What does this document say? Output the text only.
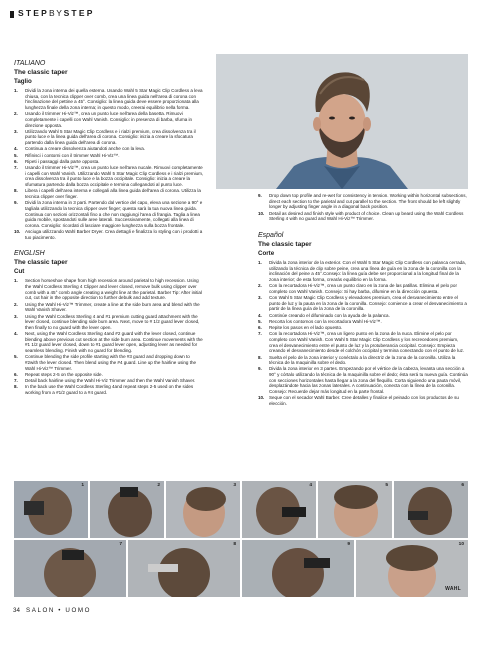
STEPBYSTEP
ITALIANO
The classic taper
Taglio
1. Dividi la zona interna dei quella esterna. Usando Wahl 5 Star Magic Clip Cordless a leva chiusa, con la tecnica clipper over comb, crea una linea guida nell'area di corona con l'inclinazione del pettine a 45°. Consiglio: la linea guida deve essere proporzionata alla lunghezza finale della zona interna; in questo modo, creerai equilibrio nella forma.
2. Usando il trimmer Hi-Viz™, crea un punto luce nell'area della basetta. Rimuovi completamente i capelli con Wahl Vanish. Consiglio: in presenza di barba, sfuma in direzione opposta.
3. Utilizzando Wahl 5 Star Magic Clip Cordless e i rialzi premium, crea dissolvenza tra il punto luce e la linea guida dell'area di corona. Consiglio: inizia a creare la sfocatura partendo dalla linea guida dell'area di corona.
4. Continua a creare dissolvenza aiutandoti anche con la leva.
5. Rifinisci i contorni con il trimmer Wahl Hi-Viz™.
6. Ripeti i passaggi dalla parte opposta.
7. Usando il trimmer Hi-Viz™, crea un punto luce nell'area nucale. Rimuovi completamente i capelli con Wahl Vanish. Utilizzando Wahl 5 Star Magic Clip Cordless e i rialzi premium, crea dissolvenza tra il punto luce e la bozza occipitale. Consiglio: inizia a creare la sfumatura partendo dalla bozza occipitale e termina collegandoti al punto luce.
8. Libera i capelli dell'area interna e collegali alla linea guida dell'area di corona. Utilizza la tecnica clipper over finger.
9. Dividi la zona interna in 3 parti. Partendo dal vertice del capo, eleva una sezione a 90° e tagliala utilizzando la tecnica clipper over finger; questa sarà la tua nuova linea guida. Continua con sezioni orizzontali fino a che non raggiungi l'area di frangia. Taglia a linea guida mobile, spostandoti sulle aree laterali. Successivamente, collegati alla linea di corona. Consiglio: ricordati di lasciare maggiore lunghezza sulla bozza frontale.
10. Asciuga utilizzando Wahl Barber Dryer. Crea dettagli e finalizza lo styling con i prodotti a tuo piacimento.
ENGLISH
The classic taper
Cut
1. Section horseshoe shape from high recession around parietal to high recession. Using the Wahl Cordless Sterling 4 Clipper and lever closed, remove bulk using clipper over comb with a 45° comb angle creating a weight line at the parietal. Barber Tip: After initial cut, cut hair in the opposite direction to further debulk and add texture.
2. Using the Wahl Hi-Viz™ Trimmer, create a line at the side burn area and blend with the Wahl Vanish Shaver.
3. Using the Wahl Cordless Sterling 4 and #1 premium cutting guard attachment with the lever closed, continue blending side burn area. Next, move to # 1/2 guard lever closed, then finally to no guard with the lever open.
4. Next, using the Wahl Cordless Sterling 4and #2 guard with the lever closed, continue blending above previous cut section at the side burn area. Continue movements with the #1 1/2 guard lever closed, down to #1 guard lever open, adjusting lever as needed for seamless blending. Finish with no guard for blending.
5. Continue blending the side profile starting with the #3 guard and dropping down to #2with the lever closed. Then blend using the #4 guard. Line up the hairline using the Wahl Hi-Viz™ Trimmer.
6. Repeat steps 2-5 on the opposite side.
7. Detail back hairline using the Wahl Hi-Viz Trimmer and then the Wahl Vanish Shaver.
8. In the back use the Wahl Cordless Sterling 4and repeat steps 2-5 used on the sides working from a #1/2 guard to a #4 guard.
9. Drop down top profile and re-wet for consistency in tension. Working within horizontal subsections, direct each section to the parietal and cut parallel to the section. The front should be left slightly longer by adjusting finger angle in a diagonal back position.
10. Detail as desired and finish style with product of choice. Clean up beard using the Wahl Cordless Sterling 4 with no guard and Wahl Hi-Viz™ Trimmer.
Español
The classic taper
Corte
1. Divida la zona interior de la exterior. Con el Wahl 5 Star Magic Clip Cordless con palanca cerrada, utilizando la técnica de clip sobre peine, crea una línea de guía en la zona de la coronilla con la inclinación del peine a 45°.Consejo: la línea guía debe ser proporcional a la longitud final de la zona interior; de esta forma, crearás equilibrio en la forma.
2. Con la recortadora Hi-Viz™, crea un punto claro en la zona de las patillas. Elimina el pelo por completo con Wahl Vanish. Consejo: Si hay barba, difumine en la dirección opuesta.
3. Con Wahl 5 Star Magic Clip Cordless y elevadores premium, crea el desvanecimiento entre el punto de luz y la pauta en la zona de la coronilla. Consejo: comience a crear el desvanecimiento a partir de la línea guía de la zona de la coronilla.
4. Continúe creando el difuminado con la ayuda de la palanca.
5. Recorta los contornos con la recortadora Wahl Hi-Viz™.
6. Repite los pasos en el lado opuesto.
7. Con la recortadora Hi-Viz™, crea un ligero punto en la zona de la nuca. Elimine el pelo por completo con Wahl Vanish. Con Wahl 5 Star Magic Clip Cordless y los recrecedores premium, crea el desvanecimiento entre el punto de luz y la protuberancia occipital. Consejo: Empieza creando el desvanecimiento desde el colchón occipital y termina conectando con el punto de luz.
8. Suelta el pelo de la zona interior y conéctalo a la directriz de la zona de la coronilla. Utiliza la técnica de la maquinilla sobre el dedo.
9. Divida la zona interior en 3 partes. Empezando por el vértice de la cabeza, levanta una sección a 90° y córtalo utilizando la técnica de la maquinilla sobre el dedo; ésta será tu nueva guía. Continúa con secciones horizontales hasta llegar a la zona del flequillo. Corta siguiendo una pauta móvil, desplazándote hacia las zonas laterales. A continuación, conecta con la línea de la coronilla. Consejo: Recuerde dejar más longitud en la parte frontal.
10. Seque con el secador Wahl Barber. Cree detalles y finalice el peinado con los productos de su elección.
1	2	3	4	5	6
7	8	9	10
WAHL
34 SALON • UOMO
